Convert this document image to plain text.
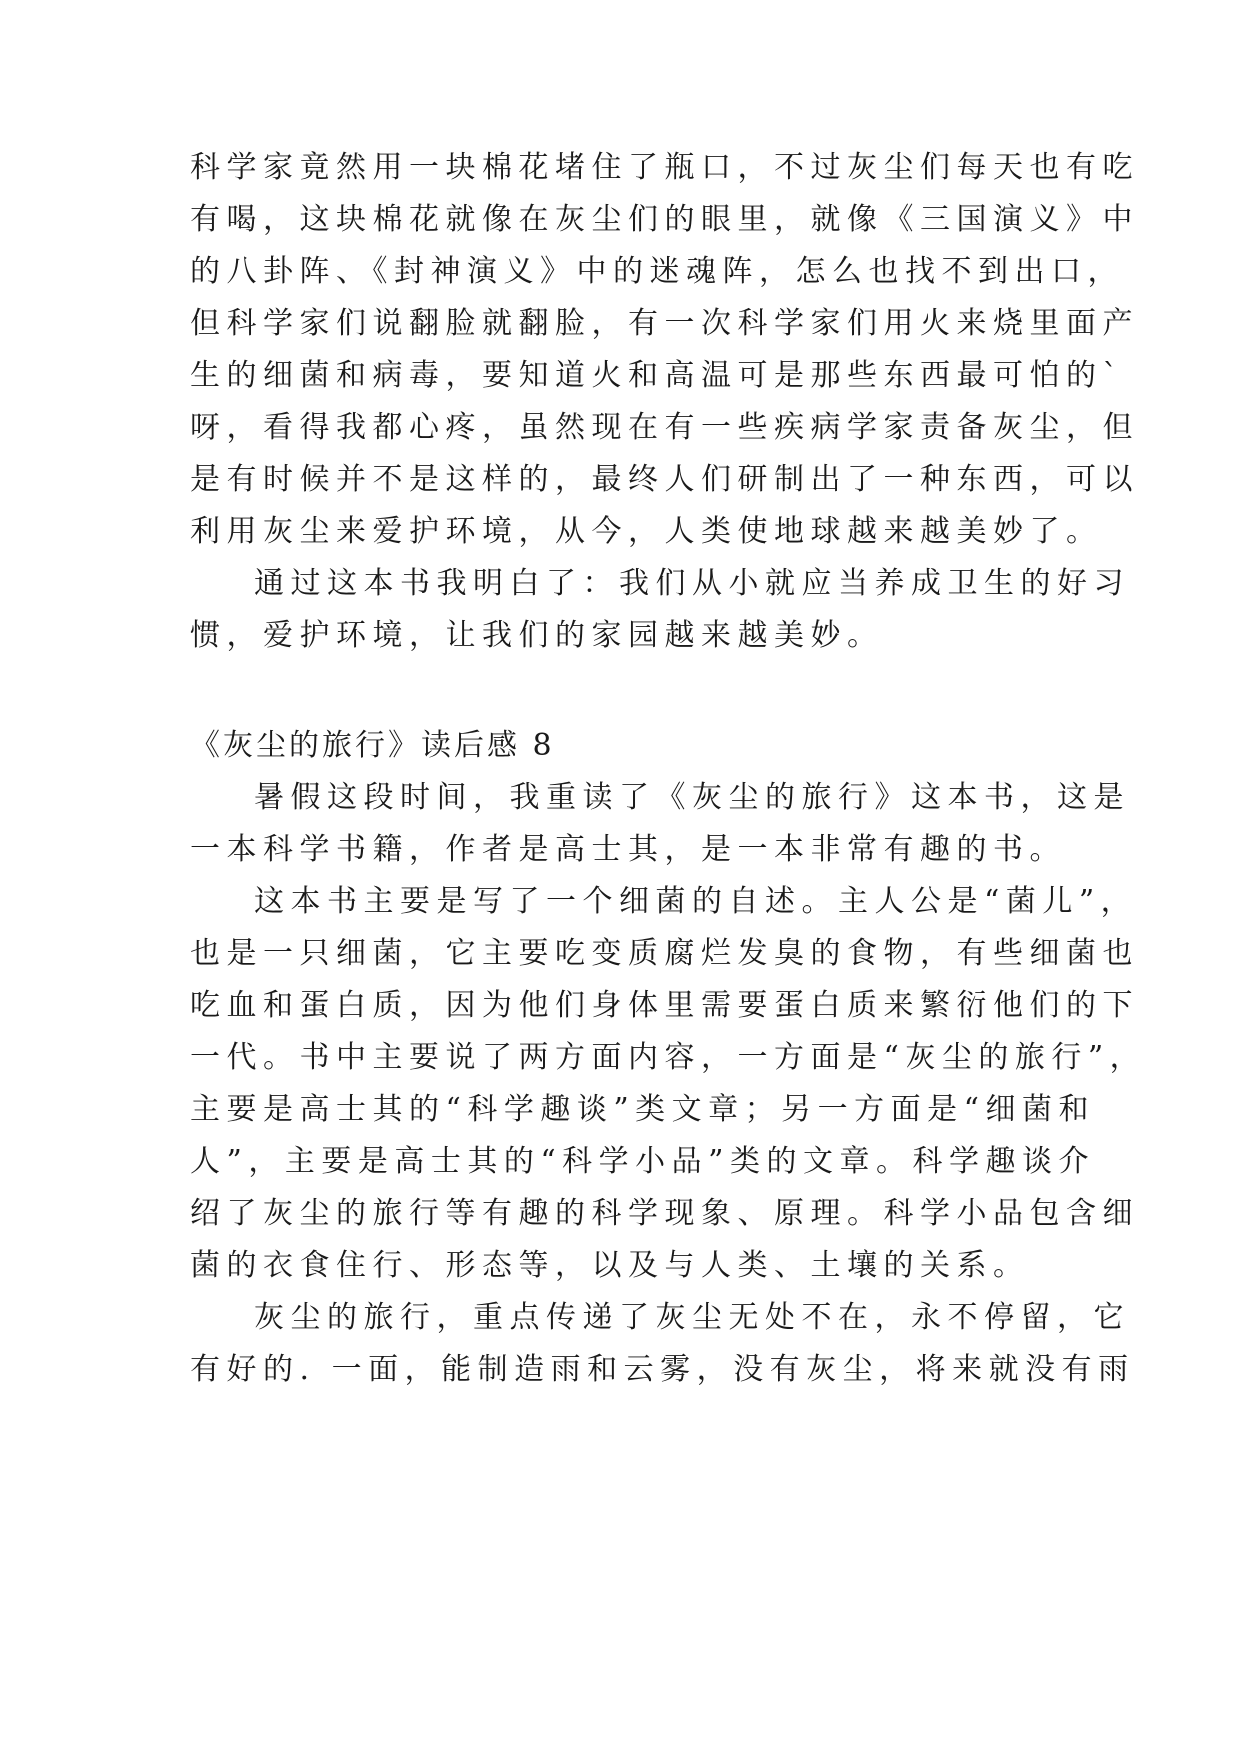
科学家竟然用一块棉花堵住了瓶口，不过灰尘们每天也有吃
有喝，这块棉花就像在灰尘们的眼里，就像《三国演义》中
的八卦阵、《封神演义》中的迷魂阵，怎么也找不到出口，
但科学家们说翻脸就翻脸，有一次科学家们用火来烧里面产
生的细菌和病毒，要知道火和高温可是那些东西最可怕的`
呀，看得我都心疼，虽然现在有一些疾病学家责备灰尘，但
是有时候并不是这样的，最终人们研制出了一种东西，可以
利用灰尘来爱护环境，从今，人类使地球越来越美妙了。
通过这本书我明白了：我们从小就应当养成卫生的好习
惯，爱护环境，让我们的家园越来越美妙。
《灰尘的旅行》读后感 8
暑假这段时间，我重读了《灰尘的旅行》这本书，这是
一本科学书籍，作者是高士其，是一本非常有趣的书。
这本书主要是写了一个细菌的自述。主人公是“菌儿”，
也是一只细菌，它主要吃变质腐烂发臭的食物，有些细菌也
吃血和蛋白质，因为他们身体里需要蛋白质来繁衍他们的下
一代。书中主要说了两方面内容，一方面是“灰尘的旅行”，
主要是高士其的“科学趣谈”类文章；另一方面是“细菌和
人”，主要是高士其的“科学小品”类的文章。科学趣谈介
绍了灰尘的旅行等有趣的科学现象、原理。科学小品包含细
菌的衣食住行、形态等，以及与人类、土壤的关系。
灰尘的旅行，重点传递了灰尘无处不在，永不停留，它
有好的. 一面，能制造雨和云雾，没有灰尘，将来就没有雨
